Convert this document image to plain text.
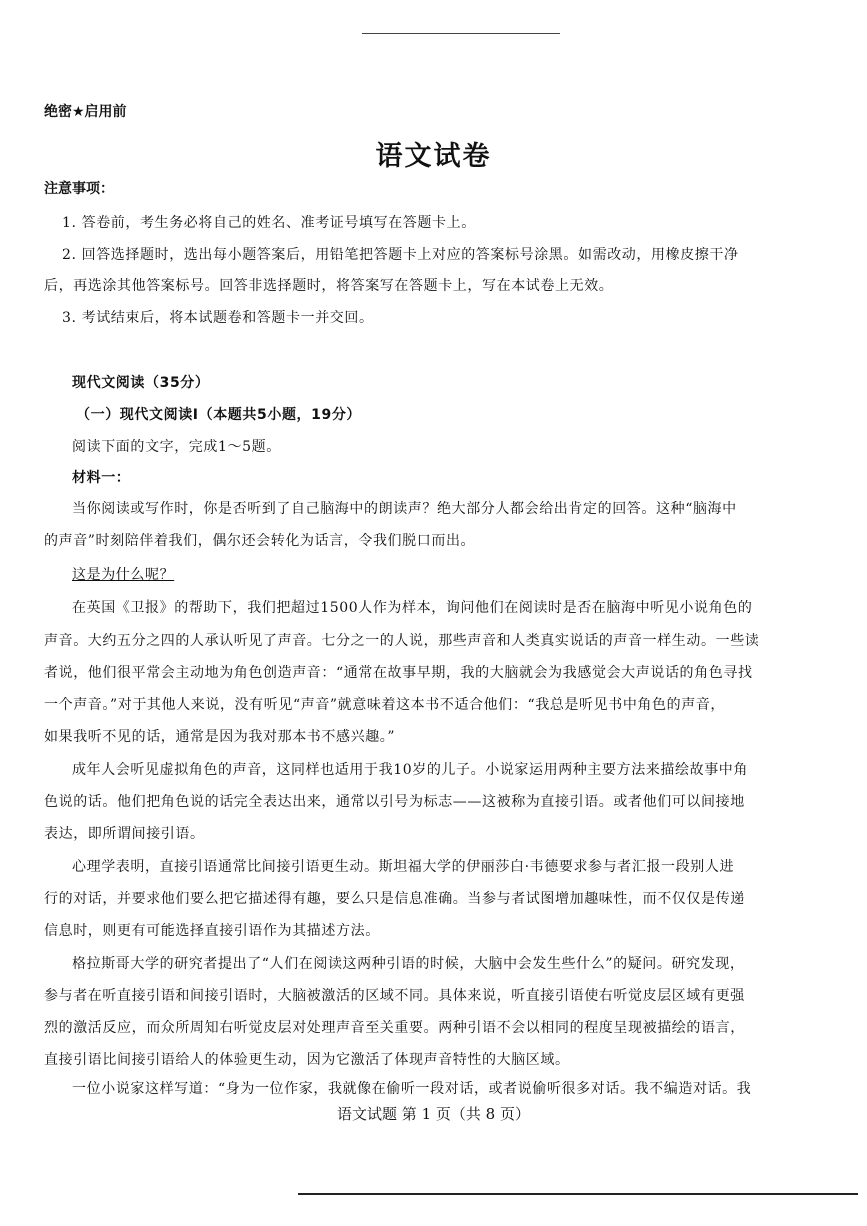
绝密★启用前
语文试卷
注意事项：
1. 答卷前，考生务必将自己的姓名、准考证号填写在答题卡上。
2. 回答选择题时，选出每小题答案后，用铅笔把答题卡上对应的答案标号涂黑。如需改动，用橡皮擦干净
后，再选涂其他答案标号。回答非选择题时，将答案写在答题卡上，写在本试卷上无效。
3. 考试结束后，将本试题卷和答题卡一并交回。
现代文阅读（35分）
（一）现代文阅读Ⅰ（本题共5小题，19分）
阅读下面的文字，完成1～5题。
材料一：
当你阅读或写作时，你是否听到了自己脑海中的朗读声？绝大部分人都会给出肯定的回答。这种“脑海中
的声音”时刻陪伴着我们，偶尔还会转化为话言，令我们脱口而出。
这是为什么呢？
在英国《卫报》的帮助下，我们把超过1500人作为样本，询问他们在阅读时是否在脑海中听见小说角色的
声音。大约五分之四的人承认听见了声音。七分之一的人说，那些声音和人类真实说话的声音一样生动。一些读
者说，他们很平常会主动地为角色创造声音：“通常在故事早期，我的大脑就会为我感觉会大声说话的角色寻找
一个声音。”对于其他人来说，没有听见“声音”就意味着这本书不适合他们：“我总是听见书中角色的声音，
如果我听不见的话，通常是因为我对那本书不感兴趣。”
成年人会听见虚拟角色的声音，这同样也适用于我10岁的儿子。小说家运用两种主要方法来描绘故事中角
色说的话。他们把角色说的话完全表达出来，通常以引号为标志——这被称为直接引语。或者他们可以间接地
表达，即所谓间接引语。
心理学表明，直接引语通常比间接引语更生动。斯坦福大学的伊丽莎白·韦德要求参与者汇报一段别人进
行的对话，并要求他们要么把它描述得有趣，要么只是信息准确。当参与者试图增加趣味性，而不仅仅是传递
信息时，则更有可能选择直接引语作为其描述方法。
格拉斯哥大学的研究者提出了“人们在阅读这两种引语的时候，大脑中会发生些什么”的疑问。研究发现，
参与者在听直接引语和间接引语时，大脑被激活的区域不同。具体来说，听直接引语使右听觉皮层区域有更强
烈的激活反应，而众所周知右听觉皮层对处理声音至关重要。两种引语不会以相同的程度呈现被描绘的语言，
直接引语比间接引语给人的体验更生动，因为它激活了体现声音特性的大脑区域。
一位小说家这样写道：“身为一位作家，我就像在偷听一段对话，或者说偷听很多对话。我不编造对话。我
语文试题 第 1 页（共 8 页）
